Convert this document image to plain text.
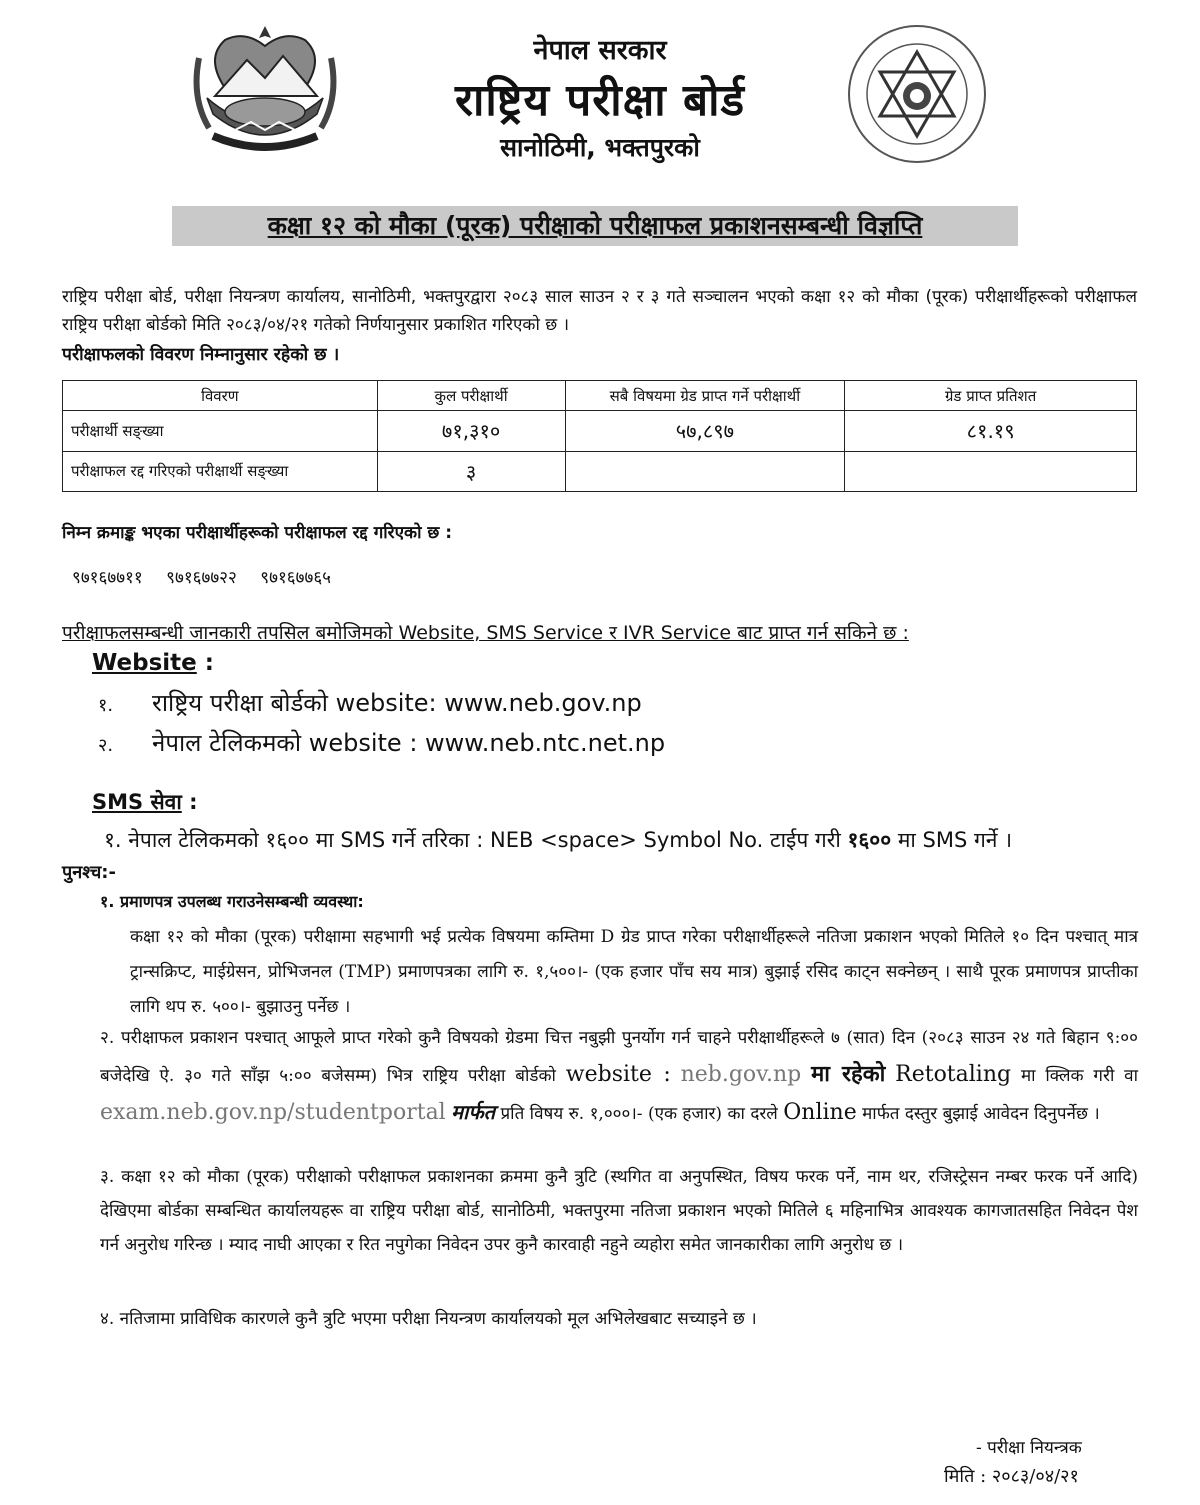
नेपाल सरकार
राष्ट्रिय परीक्षा बोर्ड
सानोठिमी, भक्तपुरको
कक्षा १२ को मौका (पूरक) परीक्षाको परीक्षाफल प्रकाशनसम्बन्धी विज्ञप्ति
राष्ट्रिय परीक्षा बोर्ड, परीक्षा नियन्त्रण कार्यालय, सानोठिमी, भक्तपुरद्वारा २०८३ साल साउन २ र ३ गते सञ्चालन भएको कक्षा १२ को मौका (पूरक) परीक्षार्थीहरूको परीक्षाफल राष्ट्रिय परीक्षा बोर्डको मिति २०८३/०४/२१ गतेको निर्णयानुसार प्रकाशित गरिएको छ ।
परीक्षाफलको विवरण निम्नानुसार रहेको छ ।
विवरण	कुल परीक्षार्थी	सबै विषयमा ग्रेड प्राप्त गर्ने परीक्षार्थी	ग्रेड प्राप्त प्रतिशत
परीक्षार्थी सङ्ख्या	७१,३१०	५७,८९७	८१.१९
परीक्षाफल रद्द गरिएको परीक्षार्थी सङ्ख्या	३		
निम्न क्रमाङ्क भएका परीक्षार्थीहरूको परीक्षाफल रद्द गरिएको छ :
९७१६७७११ ९७१६७७२२ ९७१६७७६५
परीक्षाफलसम्बन्धी जानकारी तपसिल बमोजिमको Website, SMS Service र IVR Service बाट प्राप्त गर्न सकिने छ :
Website :
१. राष्ट्रिय परीक्षा बोर्डको website: www.neb.gov.np
२. नेपाल टेलिकमको website : www.neb.ntc.net.np
SMS सेवा :
१. नेपाल टेलिकमको १६०० मा SMS गर्ने तरिका : NEB <space> Symbol No. टाईप गरी १६०० मा SMS गर्ने ।
पुनश्च:-
१. प्रमाणपत्र उपलब्ध गराउनेसम्बन्धी व्यवस्था:
कक्षा १२ को मौका (पूरक) परीक्षामा सहभागी भई प्रत्येक विषयमा कम्तिमा D ग्रेड प्राप्त गरेका परीक्षार्थीहरूले नतिजा प्रकाशन भएको मितिले १० दिन पश्चात् मात्र ट्रान्सक्रिप्ट, माईग्रेसन, प्रोभिजनल (TMP) प्रमाणपत्रका लागि रु. १,५००।- (एक हजार पाँच सय मात्र) बुझाई रसिद काट्न सक्नेछन् । साथै पूरक प्रमाणपत्र प्राप्तीका लागि थप रु. ५००।- बुझाउनु पर्नेछ ।
२. परीक्षाफल प्रकाशन पश्चात् आफूले प्राप्त गरेको कुनै विषयको ग्रेडमा चित्त नबुझी पुनर्योग गर्न चाहने परीक्षार्थीहरूले ७ (सात) दिन (२०८३ साउन २४ गते बिहान ९:०० बजेदेखि ऐ. ३० गते साँझ ५:०० बजेसम्म) भित्र राष्ट्रिय परीक्षा बोर्डको website : neb.gov.np मा रहेको Retotaling मा क्लिक गरी वा exam.neb.gov.np/studentportal मार्फत प्रति विषय रु. १,०००।- (एक हजार) का दरले Online मार्फत दस्तुर बुझाई आवेदन दिनुपर्नेछ ।
३. कक्षा १२ को मौका (पूरक) परीक्षाको परीक्षाफल प्रकाशनका क्रममा कुनै त्रुटि (स्थगित वा अनुपस्थित, विषय फरक पर्ने, नाम थर, रजिस्ट्रेसन नम्बर फरक पर्ने आदि) देखिएमा बोर्डका सम्बन्धित कार्यालयहरू वा राष्ट्रिय परीक्षा बोर्ड, सानोठिमी, भक्तपुरमा नतिजा प्रकाशन भएको मितिले ६ महिनाभित्र आवश्यक कागजातसहित निवेदन पेश गर्न अनुरोध गरिन्छ । म्याद नाघी आएका र रित नपुगेका निवेदन उपर कुनै कारवाही नहुने व्यहोरा समेत जानकारीका लागि अनुरोध छ ।
४. नतिजामा प्राविधिक कारणले कुनै त्रुटि भएमा परीक्षा नियन्त्रण कार्यालयको मूल अभिलेखबाट सच्याइने छ ।
- परीक्षा नियन्त्रक
मिति : २०८३/०४/२१
